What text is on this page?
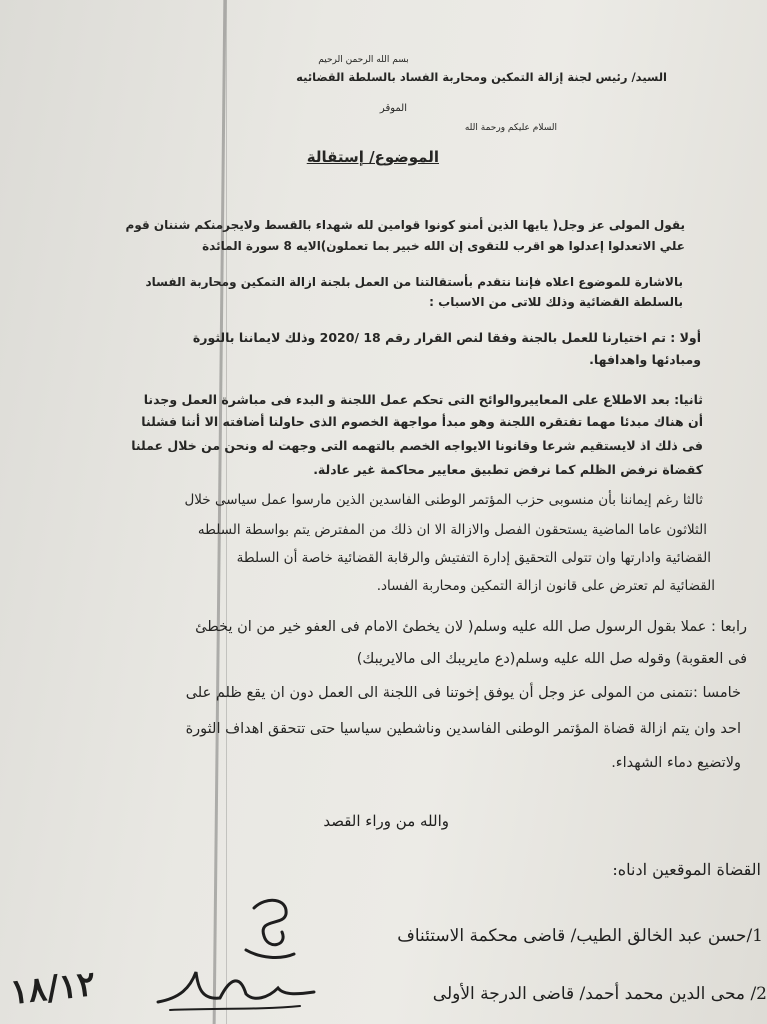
بسم الله الرحمن الرحيم
السيد/ رئيس لجنة إزالة التمكين ومحاربة الفساد بالسلطة القضائيه
الموقر
السلام عليكم ورحمة الله
الموضوع/ إستقالة
يقول المولى عز وجل( يايها الذين أمنو كونوا قوامين لله شهداء بالقسط ولايجرمنكم شننان قوم
علي الاتعدلوا إعدلوا هو اقرب للتقوى إن الله خبير بما تعملون)الايه 8 سورة المائدة
بالاشارة للموضوع اعلاه فإننا نتقدم بأستقالتنا من العمل بلجنة ازالة التمكين ومحاربة الفساد
بالسلطة القضائية وذلك للاتى من الاسباب :
أولا : تم اختيارنا للعمل بالجنة وفقا لنص القرار رقم 18 /2020 وذلك لايماننا بالثورة
ومبادئها واهدافها.
ثانيا: بعد الاطلاع على المعاييروالوائح التى تحكم عمل اللجنة و البدء فى مباشرة العمل وجدنا
أن هناك مبدئا مهما تفتقره اللجنة وهو مبدأ مواجهة الخصوم الذى حاولنا أضافته الا أننا فشلنا
فى ذلك اذ لايستقيم شرعا وقانونا الايواجه الخصم بالتهمه التى وجهت له ونحن من خلال عملنا
كقضاة نرفض الظلم كما نرفض تطبيق معايير محاكمة غير عادلة.
ثالثا رغم إيماننا بأن منسوبى حزب المؤتمر الوطنى الفاسدين الذين مارسوا عمل سياسى خلال
الثلاثون عاما الماضية يستحقون الفصل والازالة الا ان ذلك من المفترض يتم بواسطة السلطه
القضائية وادارتها وان تتولى التحقيق إدارة التفتيش والرقابة القضائية خاصة أن السلطة
القضائية لم تعترض على قانون ازالة التمكين ومحاربة الفساد.
رابعا : عملا بقول الرسول صل الله عليه وسلم( لان يخطئ الامام فى العفو خير من ان يخطئ
فى العقوبة) وقوله صل الله عليه وسلم(دع مايريبك الى مالايريبك)
خامسا :نتمنى من المولى عز وجل أن يوفق إخوتنا فى اللجنة الى العمل دون ان يقع ظلم على
احد وان يتم ازالة قضاة المؤتمر الوطنى الفاسدين وناشطين سياسيا حتى تتحقق اهداف الثورة
ولاتضيع دماء الشهداء.
والله من وراء القصد
القضاة الموقعين ادناه:
1/حسن عبد الخالق الطيب/ قاضى محكمة الاستئناف
2/ محى الدين محمد أحمد/ قاضى الدرجة الأولى
١٨/١٢
